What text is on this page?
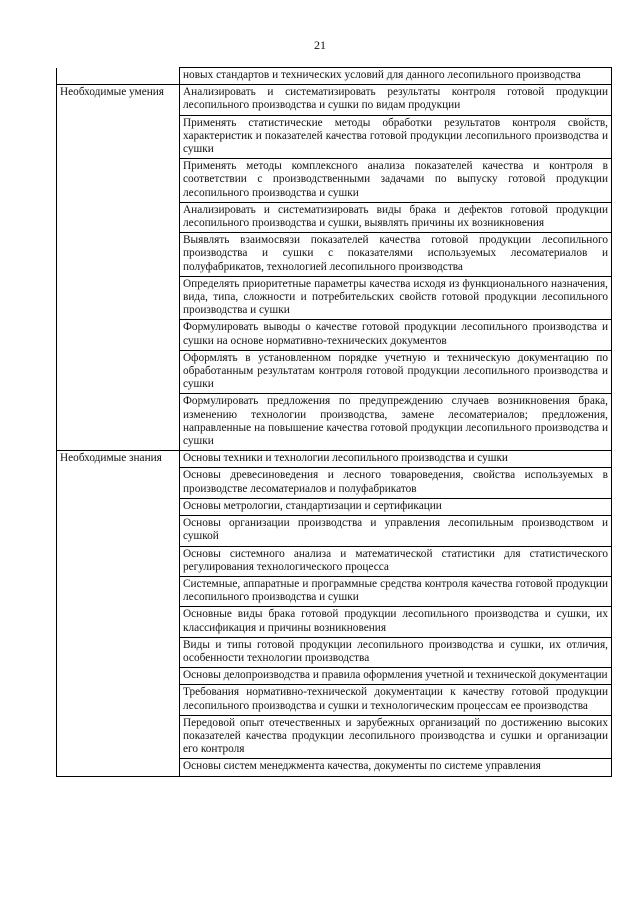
21
	новых стандартов и технических условий для данного лесопильного производства
Необходимые умения	Анализировать и систематизировать результаты контроля готовой продукции лесопильного производства и сушки по видам продукции
	Применять статистические методы обработки результатов контроля свойств, характеристик и показателей качества готовой продукции лесопильного производства и сушки
	Применять методы комплексного анализа показателей качества и контроля в соответствии с производственными задачами по выпуску готовой продукции лесопильного производства и сушки
	Анализировать и систематизировать виды брака и дефектов готовой продукции лесопильного производства и сушки, выявлять причины их возникновения
	Выявлять взаимосвязи показателей качества готовой продукции лесопильного производства и сушки с показателями используемых лесоматериалов и полуфабрикатов, технологией лесопильного производства
	Определять приоритетные параметры качества исходя из функционального назначения, вида, типа, сложности и потребительских свойств готовой продукции лесопильного производства и сушки
	Формулировать выводы о качестве готовой продукции лесопильного производства и сушки на основе нормативно-технических документов
	Оформлять в установленном порядке учетную и техническую документацию по обработанным результатам контроля готовой продукции лесопильного производства и сушки
	Формулировать предложения по предупреждению случаев возникновения брака, изменению технологии производства, замене лесоматериалов; предложения, направленные на повышение качества готовой продукции лесопильного производства и сушки
Необходимые знания	Основы техники и технологии лесопильного производства и сушки
	Основы древесиноведения и лесного товароведения, свойства используемых в производстве лесоматериалов и полуфабрикатов
	Основы метрологии, стандартизации и сертификации
	Основы организации производства и управления лесопильным производством и сушкой
	Основы системного анализа и математической статистики для статистического регулирования технологического процесса
	Системные, аппаратные и программные средства контроля качества готовой продукции лесопильного производства и сушки
	Основные виды брака готовой продукции лесопильного производства и сушки, их классификация и причины возникновения
	Виды и типы готовой продукции лесопильного производства и сушки, их отличия, особенности технологии производства
	Основы делопроизводства и правила оформления учетной и технической документации
	Требования нормативно-технической документации к качеству готовой продукции лесопильного производства и сушки и технологическим процессам ее производства
	Передовой опыт отечественных и зарубежных организаций по достижению высоких показателей качества продукции лесопильного производства и сушки и организации его контроля
	Основы систем менеджмента качества, документы по системе управления
